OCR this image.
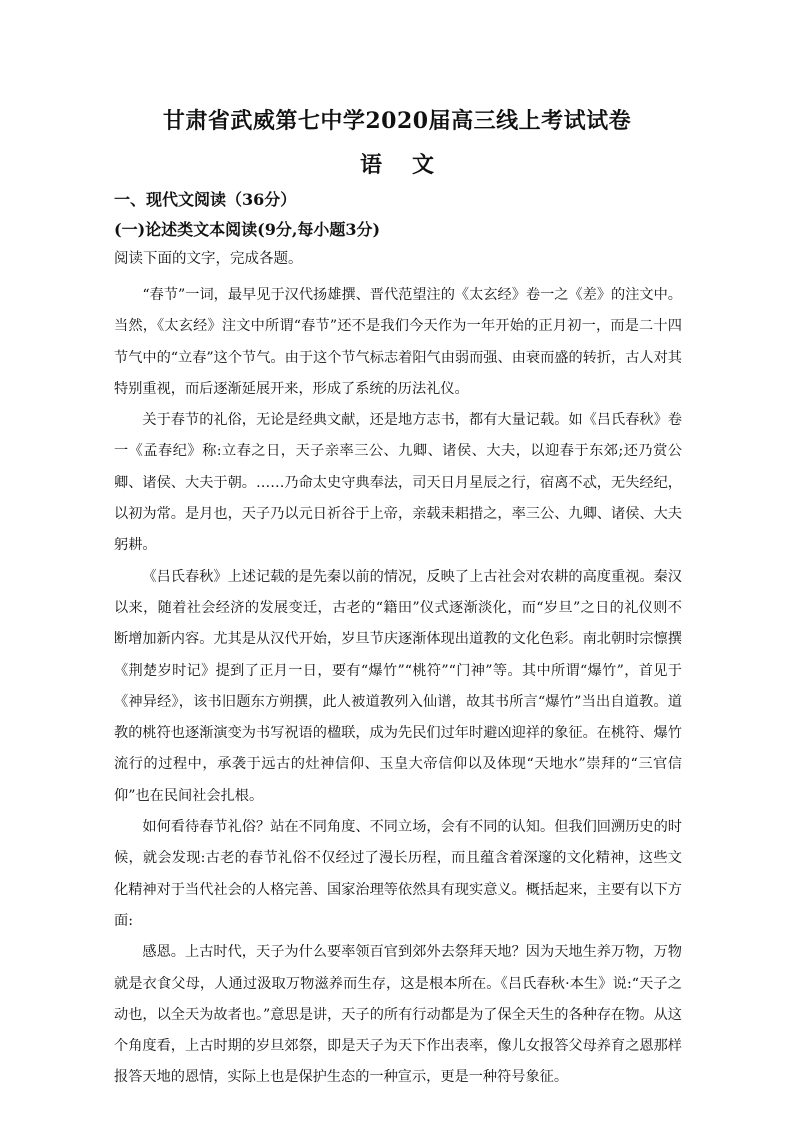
甘肃省武威第七中学2020届高三线上考试试卷
语文
一、现代文阅读（36分）
(一)论述类文本阅读(9分,每小题3分)
阅读下面的文字，完成各题。

“春节”一词，最早见于汉代扬雄撰、晋代范望注的《太玄经》卷一之《差》的注文中。当然，《太玄经》注文中所谓“春节”还不是我们今天作为一年开始的正月初一，而是二十四节气中的“立春”这个节气。由于这个节气标志着阳气由弱而强、由衰而盛的转折，古人对其特别重视，而后逐渐延展开来，形成了系统的历法礼仪。

关于春节的礼俗，无论是经典文献，还是地方志书，都有大量记载。如《吕氏春秋》卷一《孟春纪》称:立春之日，天子亲率三公、九卿、诸侯、大夫，以迎春于东郊;还乃赏公卿、诸侯、大夫于朝。……乃命太史守典奉法，司天日月星辰之行，宿离不忒，无失经纪，以初为常。是月也，天子乃以元日祈谷于上帝，亲载耒耜措之，率三公、九卿、诸侯、大夫躬耕。

《吕氏春秋》上述记载的是先秦以前的情况，反映了上古社会对农耕的高度重视。秦汉以来，随着社会经济的发展变迁，古老的“籍田”仪式逐渐淡化，而“岁旦”之日的礼仪则不断增加新内容。尤其是从汉代开始，岁旦节庆逐渐体现出道教的文化色彩。南北朝时宗懔撰《荆楚岁时记》提到了正月一日，要有“爆竹”“桃符”“门神”等。其中所谓“爆竹”，首见于《神异经》，该书旧题东方朔撰，此人被道教列入仙谱，故其书所言“爆竹”当出自道教。道教的桃符也逐渐演变为书写祝语的楹联，成为先民们过年时避凶迎祥的象征。在桃符、爆竹流行的过程中，承袭于远古的灶神信仰、玉皇大帝信仰以及体现“天地水”崇拜的“三官信仰”也在民间社会扎根。

如何看待春节礼俗？站在不同角度、不同立场，会有不同的认知。但我们回溯历史的时候，就会发现:古老的春节礼俗不仅经过了漫长历程，而且蕴含着深邃的文化精神，这些文化精神对于当代社会的人格完善、国家治理等依然具有现实意义。概括起来，主要有以下方面:

感恩。上古时代，天子为什么要率领百官到郊外去祭拜天地？因为天地生养万物，万物就是衣食父母，人通过汲取万物滋养而生存，这是根本所在。《吕氏春秋·本生》说:“天子之动也，以全天为故者也。”意思是讲，天子的所有行动都是为了保全天生的各种存在物。从这个角度看，上古时期的岁旦郊祭，即是天子为天下作出表率，像儿女报答父母养育之恩那样报答天地的恩情，实际上也是保护生态的一种宣示，更是一种符号象征。
